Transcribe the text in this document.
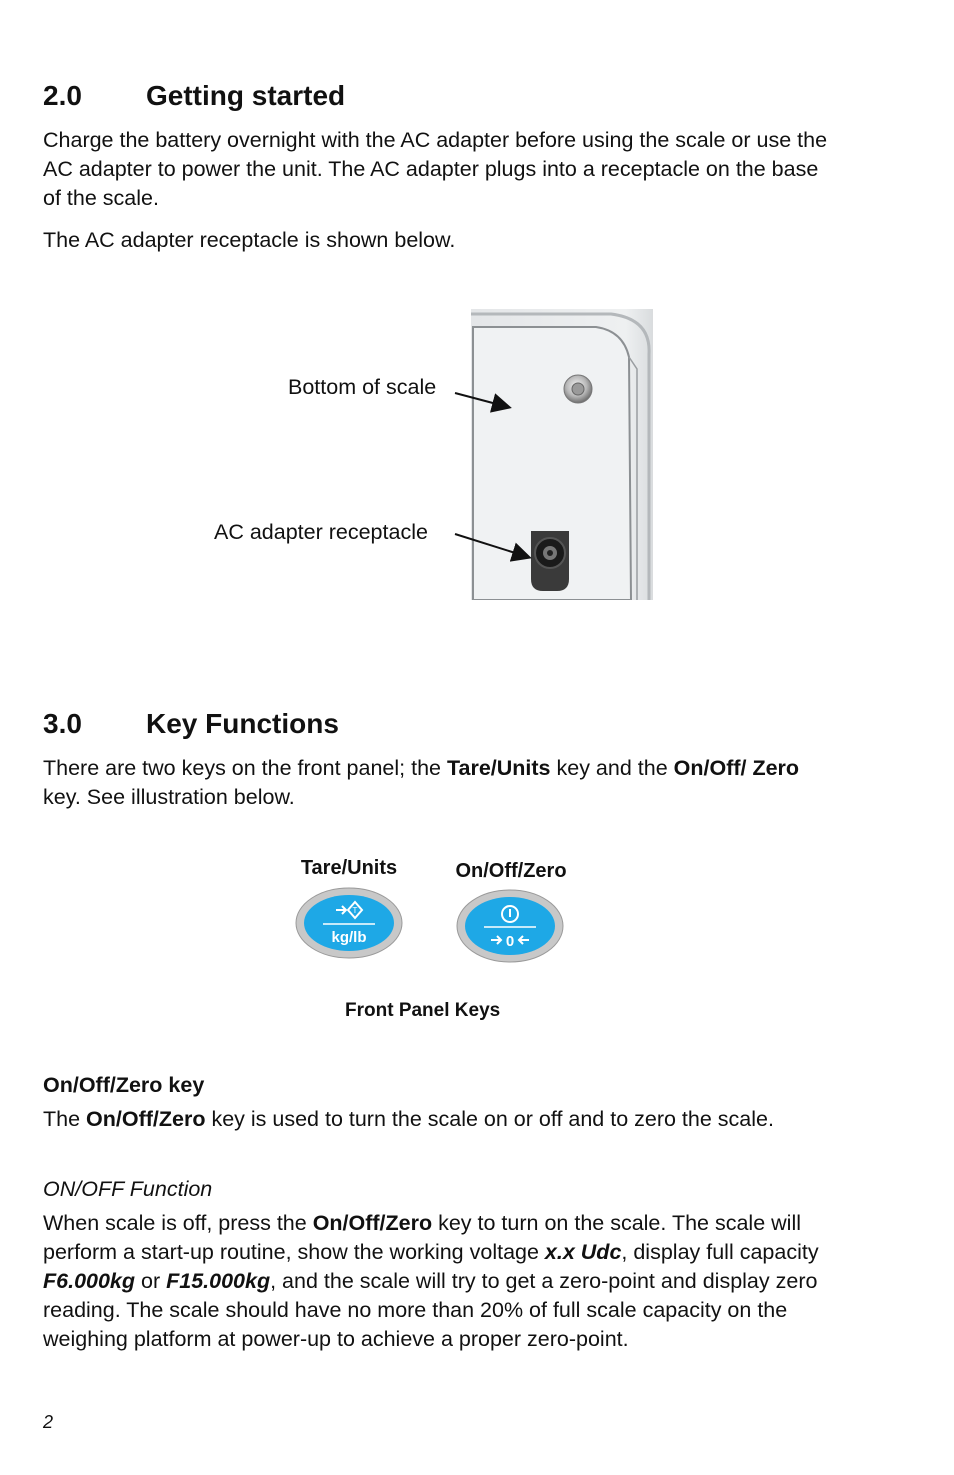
2.0 Getting started

Charge the battery overnight with the AC adapter before using the scale or use the AC adapter to power the unit. The AC adapter plugs into a receptacle on the base of the scale.

The AC adapter receptacle is shown below.

Bottom of scale
AC adapter receptacle
3.0 Key Functions

There are two keys on the front panel; the Tare/Units key and the On/Off/ Zero key. See illustration below.

Tare/Units	On/Off/Zero
T
kg/lb	0
Front Panel Keys
On/Off/Zero key

The On/Off/Zero key is used to turn the scale on or off and to zero the scale.

ON/OFF Function

When scale is off, press the On/Off/Zero key to turn on the scale. The scale will perform a start-up routine, show the working voltage x.x Udc, display full capacity F6.000kg or F15.000kg, and the scale will try to get a zero-point and display zero reading. The scale should have no more than 20% of full scale capacity on the weighing platform at power-up to achieve a proper zero-point.

2
